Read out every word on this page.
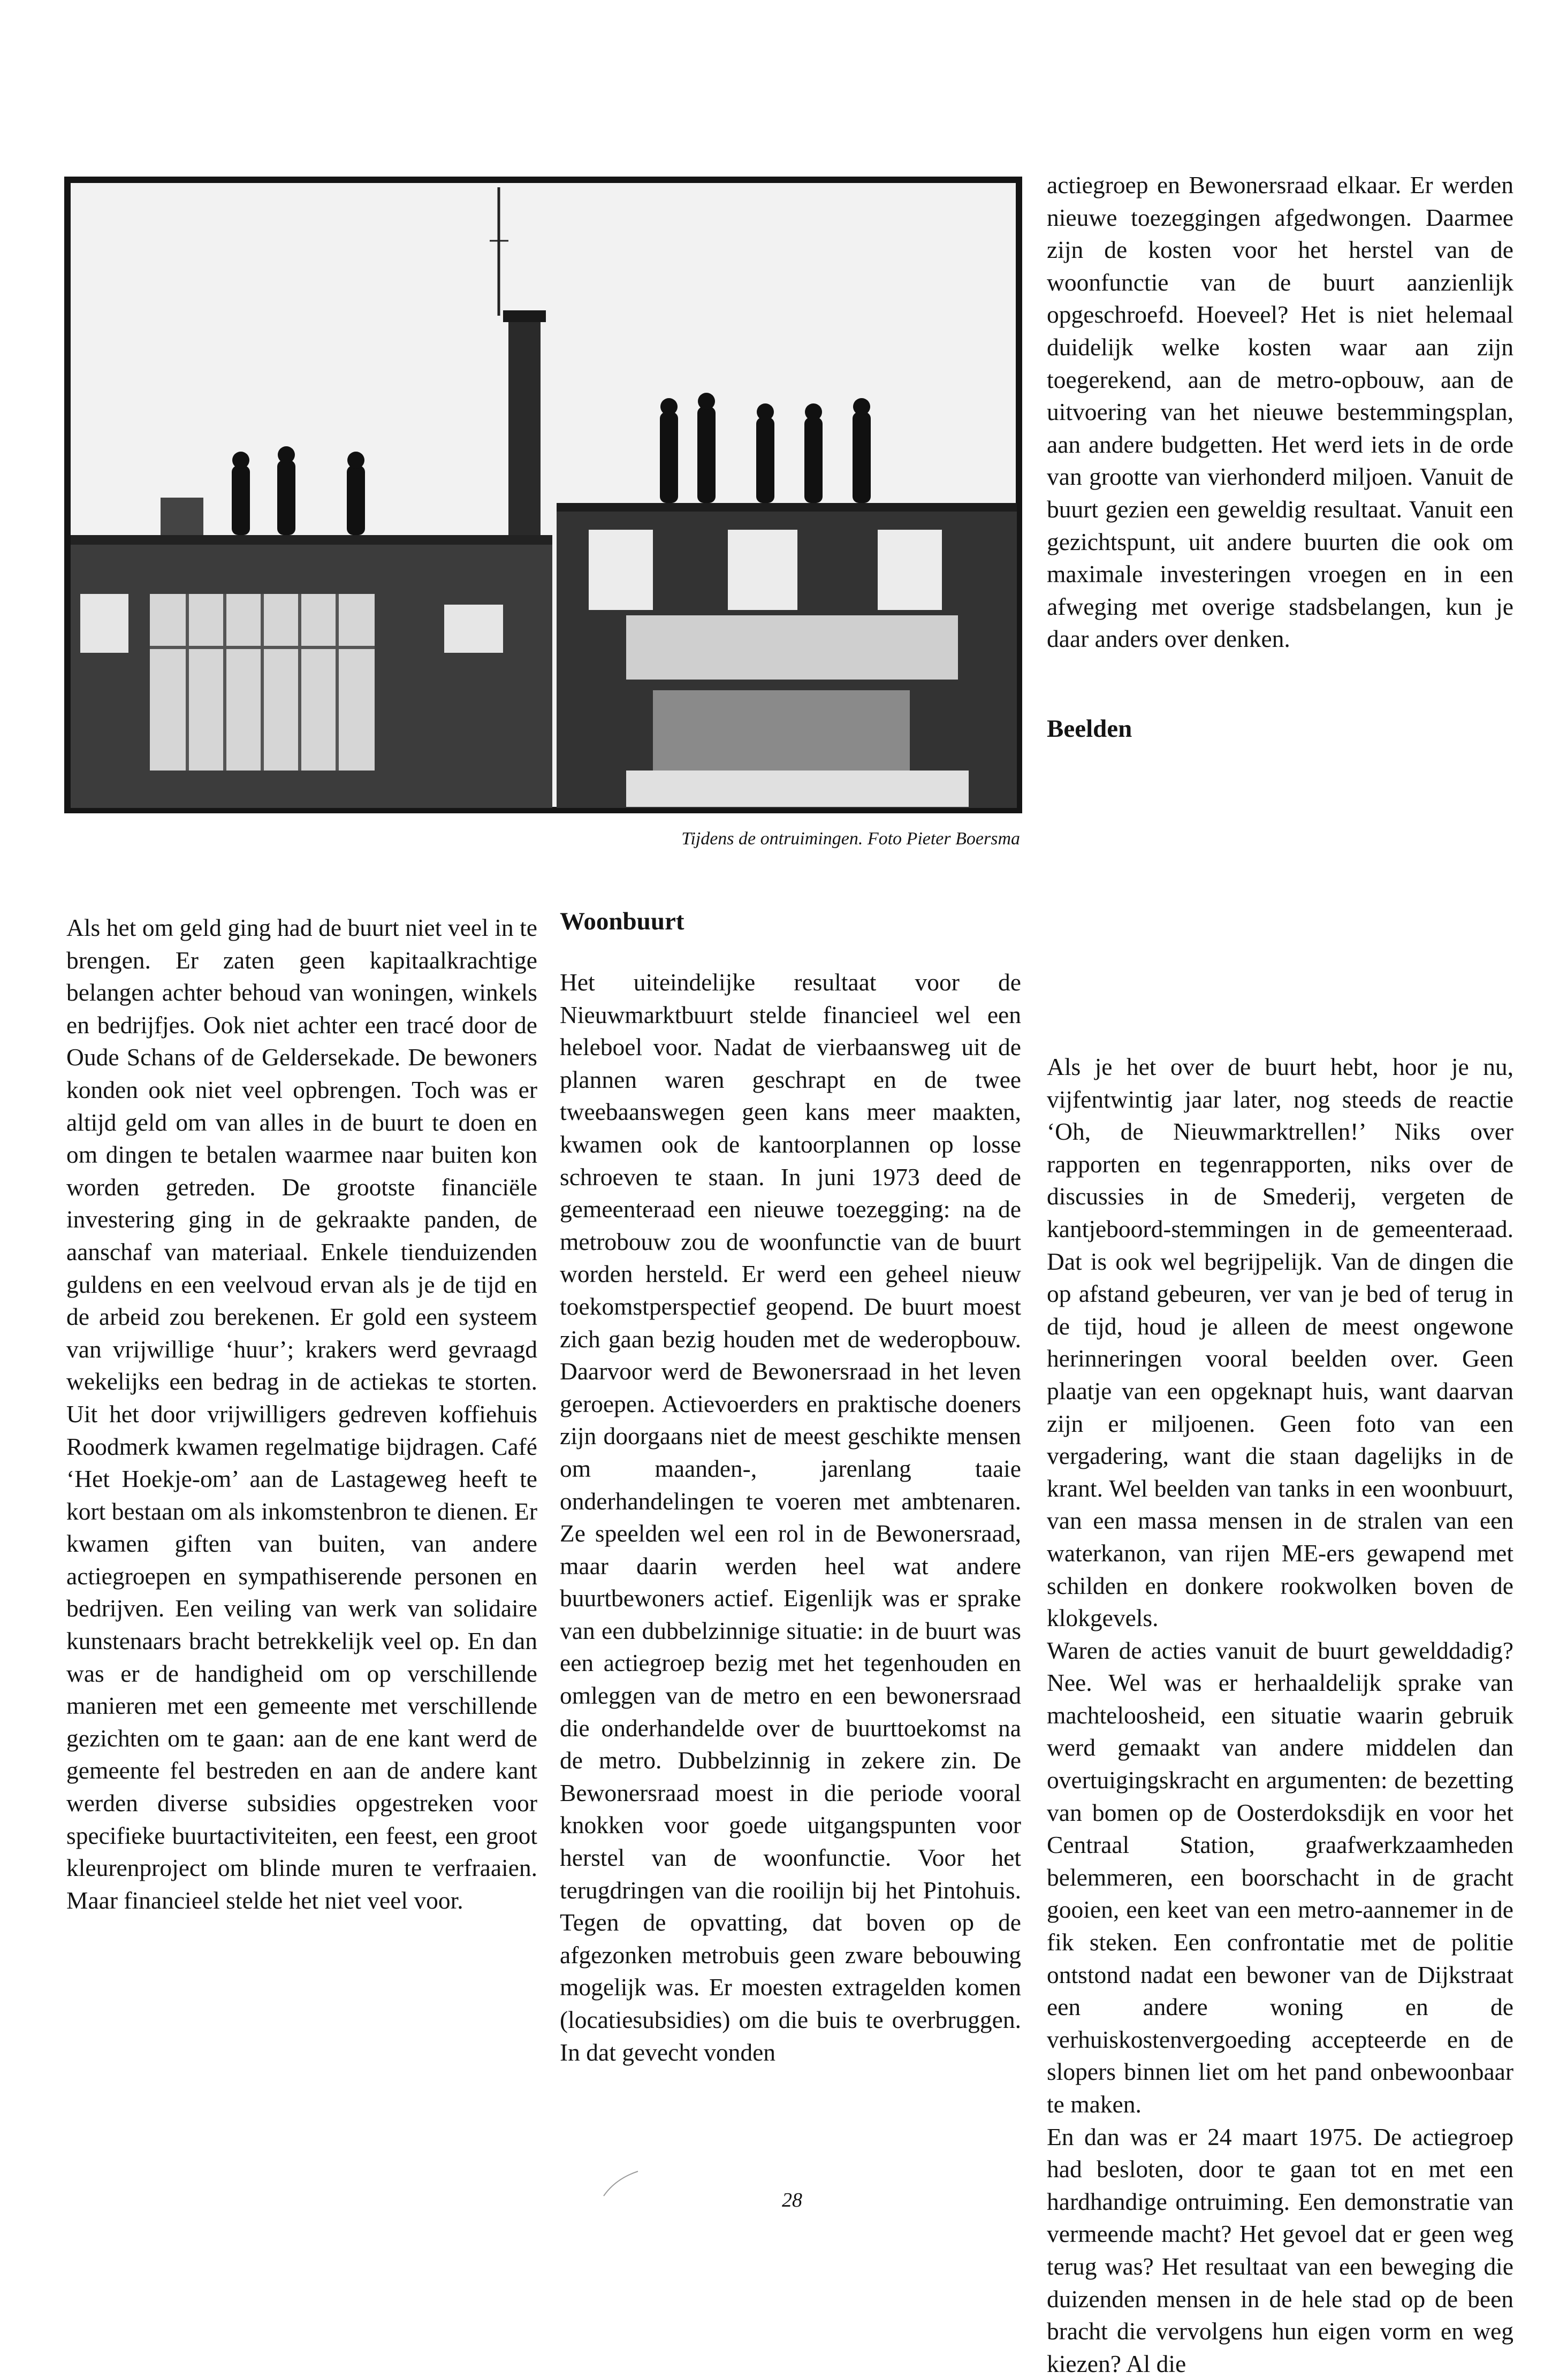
Tijdens de ontruimingen. Foto Pieter Boersma

Als het om geld ging had de buurt niet veel in te brengen. Er zaten geen kapitaalkrachtige belangen achter behoud van woningen, winkels en bedrijfjes. Ook niet achter een tracé door de Oude Schans of de Geldersekade. De bewoners konden ook niet veel opbrengen. Toch was er altijd geld om van alles in de buurt te doen en om dingen te betalen waarmee naar buiten kon worden getreden. De grootste financiële investering ging in de gekraakte panden, de aanschaf van materiaal. Enkele tienduizenden guldens en een veelvoud ervan als je de tijd en de arbeid zou berekenen. Er gold een systeem van vrijwillige ‘huur’; krakers werd gevraagd wekelijks een bedrag in de actiekas te storten. Uit het door vrijwilligers gedreven koffiehuis Roodmerk kwamen regelmatige bijdragen. Café ‘Het Hoekje-om’ aan de Lastageweg heeft te kort bestaan om als inkomstenbron te dienen. Er kwamen giften van buiten, van andere actiegroepen en sympathiserende personen en bedrijven. Een veiling van werk van solidaire kunstenaars bracht betrekkelijk veel op. En dan was er de handigheid om op verschillende manieren met een gemeente met verschillende gezichten om te gaan: aan de ene kant werd de gemeente fel bestreden en aan de andere kant werden diverse subsidies opgestreken voor specifieke buurtactiviteiten, een feest, een groot kleurenproject om blinde muren te verfraaien. Maar financieel stelde het niet veel voor.

Woonbuurt

Het uiteindelijke resultaat voor de Nieuwmarktbuurt stelde financieel wel een heleboel voor. Nadat de vierbaansweg uit de plannen waren geschrapt en de twee tweebaanswegen geen kans meer maakten, kwamen ook de kantoorplannen op losse schroeven te staan. In juni 1973 deed de gemeenteraad een nieuwe toezegging: na de metrobouw zou de woonfunctie van de buurt worden hersteld. Er werd een geheel nieuw toekomstperspectief geopend. De buurt moest zich gaan bezig houden met de wederopbouw. Daarvoor werd de Bewonersraad in het leven geroepen. Actievoerders en praktische doeners zijn doorgaans niet de meest geschikte mensen om maanden-, jarenlang taaie onderhandelingen te voeren met ambtenaren. Ze speelden wel een rol in de Bewonersraad, maar daarin werden heel wat andere buurtbewoners actief. Eigenlijk was er sprake van een dubbelzinnige situatie: in de buurt was een actiegroep bezig met het tegenhouden en omleggen van de metro en een bewonersraad die onderhandelde over de buurttoekomst na de metro. Dubbelzinnig in zekere zin. De Bewonersraad moest in die periode vooral knokken voor goede uitgangspunten voor herstel van de woonfunctie. Voor het terugdringen van die rooilijn bij het Pintohuis. Tegen de opvatting, dat boven op de afgezonken metrobuis geen zware bebouwing mogelijk was. Er moesten extragelden komen (locatiesubsidies) om die buis te overbruggen. In dat gevecht vonden

actiegroep en Bewonersraad elkaar. Er werden nieuwe toezeggingen afgedwongen. Daarmee zijn de kosten voor het herstel van de woonfunctie van de buurt aanzienlijk opgeschroefd. Hoeveel? Het is niet helemaal duidelijk welke kosten waar aan zijn toegerekend, aan de metro-opbouw, aan de uitvoering van het nieuwe bestemmingsplan, aan andere budgetten. Het werd iets in de orde van grootte van vierhonderd miljoen. Vanuit de buurt gezien een geweldig resultaat. Vanuit een gezichtspunt, uit andere buurten die ook om maximale investeringen vroegen en in een afweging met overige stadsbelangen, kun je daar anders over denken.

Beelden

Als je het over de buurt hebt, hoor je nu, vijfentwintig jaar later, nog steeds de reactie ‘Oh, de Nieuwmarktrellen!’ Niks over rapporten en tegenrapporten, niks over de discussies in de Smederij, vergeten de kantjeboord-stemmingen in de gemeenteraad. Dat is ook wel begrijpelijk. Van de dingen die op afstand gebeuren, ver van je bed of terug in de tijd, houd je alleen de meest ongewone herinneringen vooral beelden over. Geen plaatje van een opgeknapt huis, want daarvan zijn er miljoenen. Geen foto van een vergadering, want die staan dagelijks in de krant. Wel beelden van tanks in een woonbuurt, van een massa mensen in de stralen van een waterkanon, van rijen ME-ers gewapend met schilden en donkere rookwolken boven de klokgevels.

Waren de acties vanuit de buurt gewelddadig? Nee. Wel was er herhaaldelijk sprake van machteloosheid, een situatie waarin gebruik werd gemaakt van andere middelen dan overtuigingskracht en argumenten: de bezetting van bomen op de Oosterdoksdijk en voor het Centraal Station, graafwerkzaamheden belemmeren, een boorschacht in de gracht gooien, een keet van een metro-aannemer in de fik steken. Een confrontatie met de politie ontstond nadat een bewoner van de Dijkstraat een andere woning en de verhuiskostenvergoeding accepteerde en de slopers binnen liet om het pand onbewoonbaar te maken.

En dan was er 24 maart 1975. De actiegroep had besloten, door te gaan tot en met een hardhandige ontruiming. Een demonstratie van vermeende macht? Het gevoel dat er geen weg terug was? Het resultaat van een beweging die duizenden mensen in de hele stad op de been bracht die vervolgens hun eigen vorm en weg kiezen? Al die

28
